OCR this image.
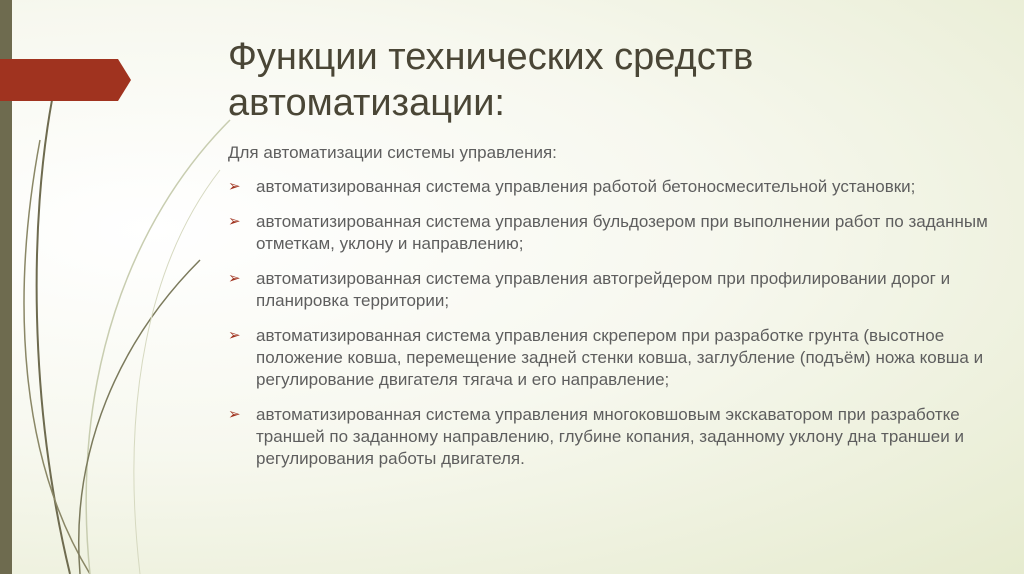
Функции технических средств автоматизации:

Для автоматизации системы управления:

➢ автоматизированная система управления работой бетоносмесительной установки;
➢ автоматизированная система управления бульдозером при выполнении работ по заданным отметкам, уклону и направлению;
➢ автоматизированная система управления автогрейдером при профилировании дорог и планировка территории;
➢ автоматизированная система управления скрепером при разработке грунта (высотное положение ковша, перемещение задней стенки ковша, заглубление (подъём) ножа ковша и регулирование двигателя тягача и его направление;
➢ автоматизированная система управления многоковшовым экскаватором при разработке траншей по заданному направлению, глубине копания, заданному уклону дна траншеи и регулирования работы двигателя.
